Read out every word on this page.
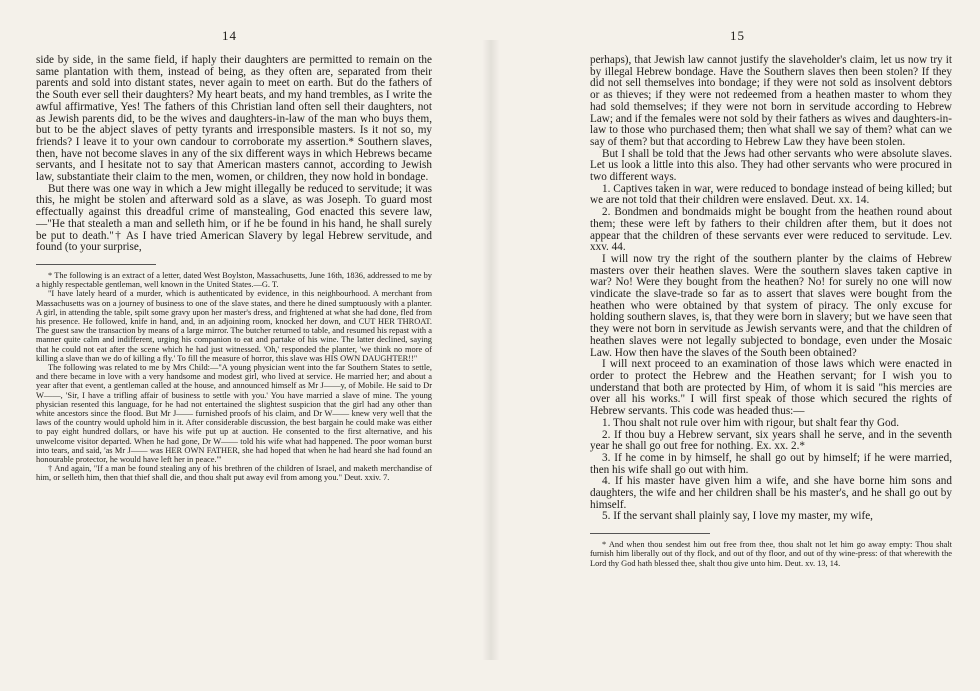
14

side by side, in the same field, if haply their daughters are permitted to remain on the same plantation with them, instead of being, as they often are, separated from their parents and sold into distant states, never again to meet on earth. But do the fathers of the South ever sell their daughters? My heart beats, and my hand trembles, as I write the awful affirmative, Yes! The fathers of this Christian land often sell their daughters, not as Jewish parents did, to be the wives and daughters-in-law of the man who buys them, but to be the abject slaves of petty tyrants and irresponsible masters. Is it not so, my friends? I leave it to your own candour to corroborate my assertion.* Southern slaves, then, have not become slaves in any of the six different ways in which Hebrews became servants, and I hesitate not to say that American masters cannot, according to Jewish law, substantiate their claim to the men, women, or children, they now hold in bondage.

But there was one way in which a Jew might illegally be reduced to servitude; it was this, he might be stolen and afterward sold as a slave, as was Joseph. To guard most effectually against this dreadful crime of manstealing, God enacted this severe law,—"He that stealeth a man and selleth him, or if he be found in his hand, he shall surely be put to death."† As I have tried American Slavery by legal Hebrew servitude, and found (to your surprise,

* The following is an extract of a letter, dated West Boylston, Massachusetts, June 16th, 1836, addressed to me by a highly respectable gentleman, well known in the United States.—G. T.

"I have lately heard of a murder, which is authenticated by evidence, in this neighbourhood. A merchant from Massachusetts was on a journey of business to one of the slave states, and there he dined sumptuously with a planter. A girl, in attending the table, spilt some gravy upon her master's dress, and frightened at what she had done, fled from his presence. He followed, knife in hand, and, in an adjoining room, knocked her down, and CUT HER THROAT. The guest saw the transaction by means of a large mirror. The butcher returned to table, and resumed his repast with a manner quite calm and indifferent, urging his companion to eat and partake of his wine. The latter declined, saying that he could not eat after the scene which he had just witnessed. 'Oh,' responded the planter, 'we think no more of killing a slave than we do of killing a fly.' To fill the measure of horror, this slave was HIS OWN DAUGHTER!!"

The following was related to me by Mrs Child:—"A young physician went into the far Southern States to settle, and there became in love with a very handsome and modest girl, who lived at service. He married her; and about a year after that event, a gentleman called at the house, and announced himself as Mr J——y, of Mobile. He said to Dr W——, 'Sir, I have a trifling affair of business to settle with you.' You have married a slave of mine. The young physician resented this language, for he had not entertained the slightest suspicion that the girl had any other than white ancestors since the flood. But Mr J—— furnished proofs of his claim, and Dr W—— knew very well that the laws of the country would uphold him in it. After considerable discussion, the best bargain he could make was either to pay eight hundred dollars, or have his wife put up at auction. He consented to the first alternative, and his unwelcome visitor departed. When he had gone, Dr W—— told his wife what had happened. The poor woman burst into tears, and said, 'as Mr J—— was HER OWN FATHER, she had hoped that when he had heard she had found an honourable protector, he would have left her in peace.'"

† And again, "If a man be found stealing any of his brethren of the children of Israel, and maketh merchandise of him, or selleth him, then that thief shall die, and thou shalt put away evil from among you." Deut. xxiv. 7.

15

perhaps), that Jewish law cannot justify the slaveholder's claim, let us now try it by illegal Hebrew bondage. Have the Southern slaves then been stolen? If they did not sell themselves into bondage; if they were not sold as insolvent debtors or as thieves; if they were not redeemed from a heathen master to whom they had sold themselves; if they were not born in servitude according to Hebrew Law; and if the females were not sold by their fathers as wives and daughters-in-law to those who purchased them; then what shall we say of them? what can we say of them? but that according to Hebrew Law they have been stolen.

But I shall be told that the Jews had other servants who were absolute slaves. Let us look a little into this also. They had other servants who were procured in two different ways.

1. Captives taken in war, were reduced to bondage instead of being killed; but we are not told that their children were enslaved. Deut. xx. 14.

2. Bondmen and bondmaids might be bought from the heathen round about them; these were left by fathers to their children after them, but it does not appear that the children of these servants ever were reduced to servitude. Lev. xxv. 44.

I will now try the right of the southern planter by the claims of Hebrew masters over their heathen slaves. Were the southern slaves taken captive in war? No! Were they bought from the heathen? No! for surely no one will now vindicate the slave-trade so far as to assert that slaves were bought from the heathen who were obtained by that system of piracy. The only excuse for holding southern slaves, is, that they were born in slavery; but we have seen that they were not born in servitude as Jewish servants were, and that the children of heathen slaves were not legally subjected to bondage, even under the Mosaic Law. How then have the slaves of the South been obtained?

I will next proceed to an examination of those laws which were enacted in order to protect the Hebrew and the Heathen servant; for I wish you to understand that both are protected by Him, of whom it is said "his mercies are over all his works." I will first speak of those which secured the rights of Hebrew servants. This code was headed thus:—

1. Thou shalt not rule over him with rigour, but shalt fear thy God.

2. If thou buy a Hebrew servant, six years shall he serve, and in the seventh year he shall go out free for nothing. Ex. xx. 2.*

3. If he come in by himself, he shall go out by himself; if he were married, then his wife shall go out with him.

4. If his master have given him a wife, and she have borne him sons and daughters, the wife and her children shall be his master's, and he shall go out by himself.

5. If the servant shall plainly say, I love my master, my wife,

* And when thou sendest him out free from thee, thou shalt not let him go away empty: Thou shalt furnish him liberally out of thy flock, and out of thy floor, and out of thy wine-press: of that wherewith the Lord thy God hath blessed thee, shalt thou give unto him. Deut. xv. 13, 14.
